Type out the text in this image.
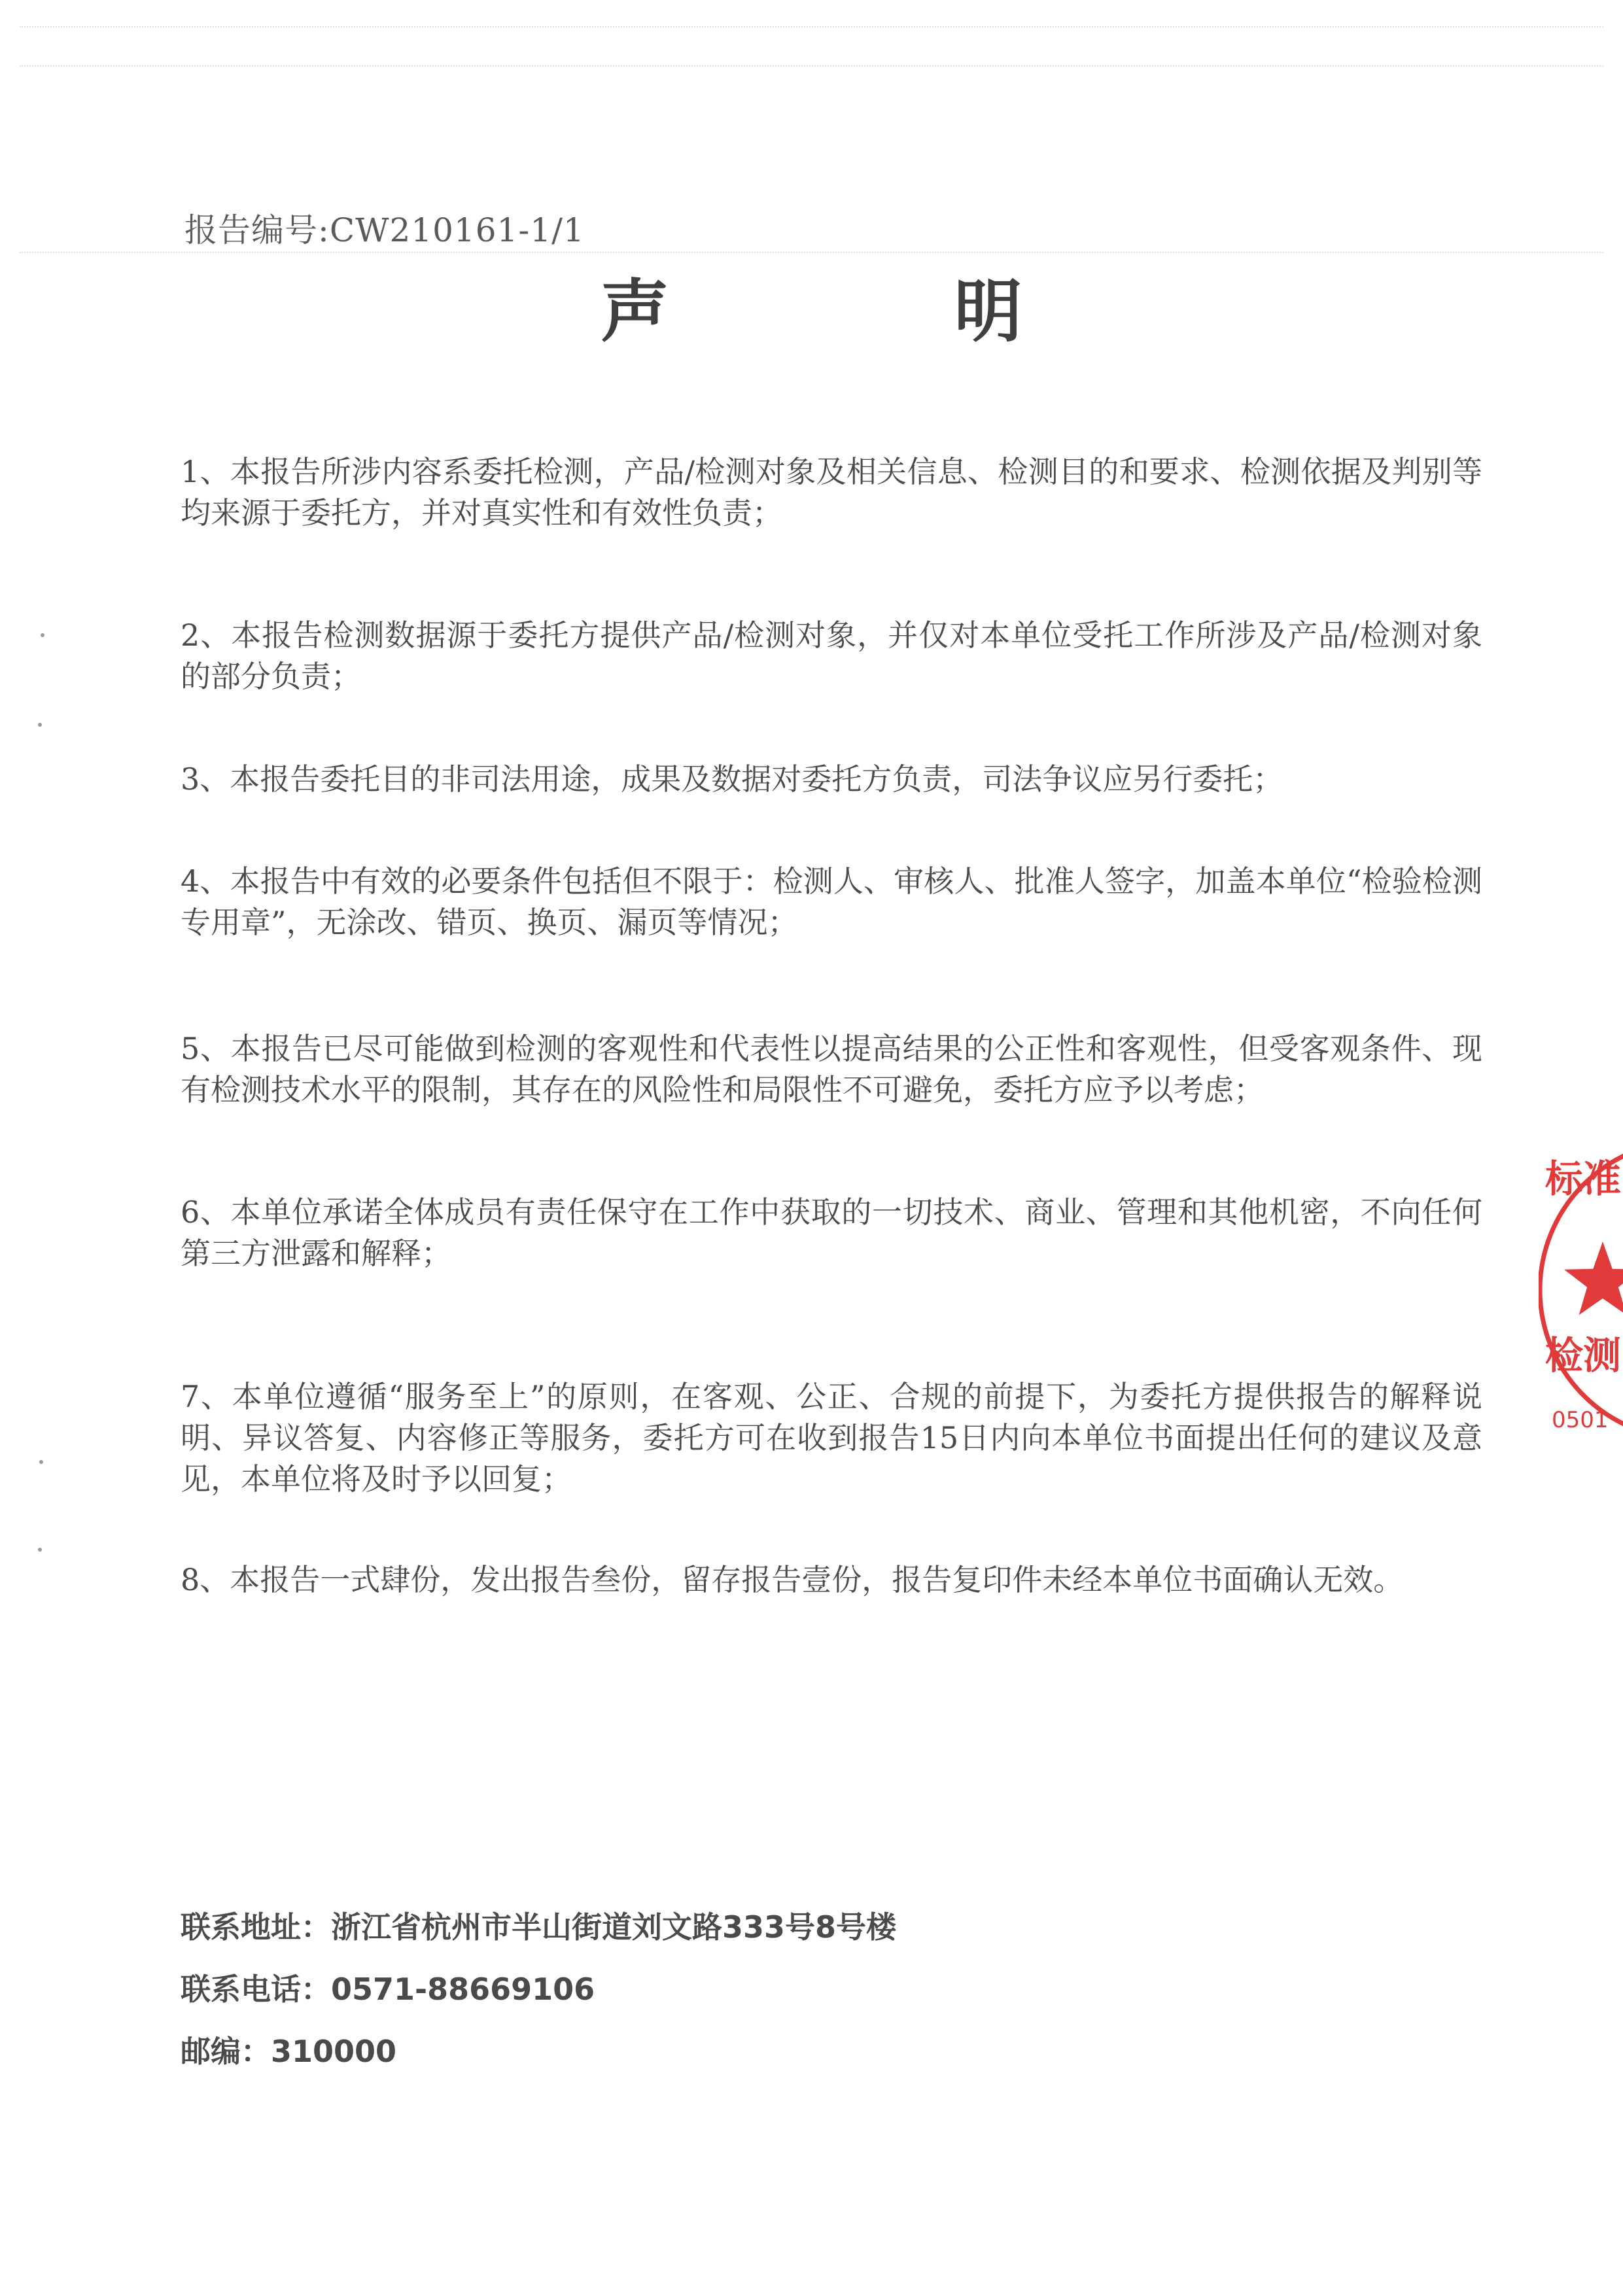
报告编号:CW210161-1/1
声 明
1、本报告所涉内容系委托检测，产品/检测对象及相关信息、检测目的和要求、检测依据及判别等均来源于委托方，并对真实性和有效性负责；
2、本报告检测数据源于委托方提供产品/检测对象，并仅对本单位受托工作所涉及产品/检测对象的部分负责；
3、本报告委托目的非司法用途，成果及数据对委托方负责，司法争议应另行委托；
4、本报告中有效的必要条件包括但不限于：检测人、审核人、批准人签字，加盖本单位“检验检测专用章”，无涂改、错页、换页、漏页等情况；
5、本报告已尽可能做到检测的客观性和代表性以提高结果的公正性和客观性，但受客观条件、现有检测技术水平的限制，其存在的风险性和局限性不可避免，委托方应予以考虑；
6、本单位承诺全体成员有责任保守在工作中获取的一切技术、商业、管理和其他机密，不向任何第三方泄露和解释；
7、本单位遵循“服务至上”的原则，在客观、公正、合规的前提下，为委托方提供报告的解释说明、异议答复、内容修正等服务，委托方可在收到报告15日内向本单位书面提出任何的建议及意见，本单位将及时予以回复；
8、本报告一式肆份，发出报告叁份，留存报告壹份，报告复印件未经本单位书面确认无效。
联系地址：浙江省杭州市半山街道刘文路333号8号楼
联系电话：0571-88669106
邮编：310000
标准
检测
0501
